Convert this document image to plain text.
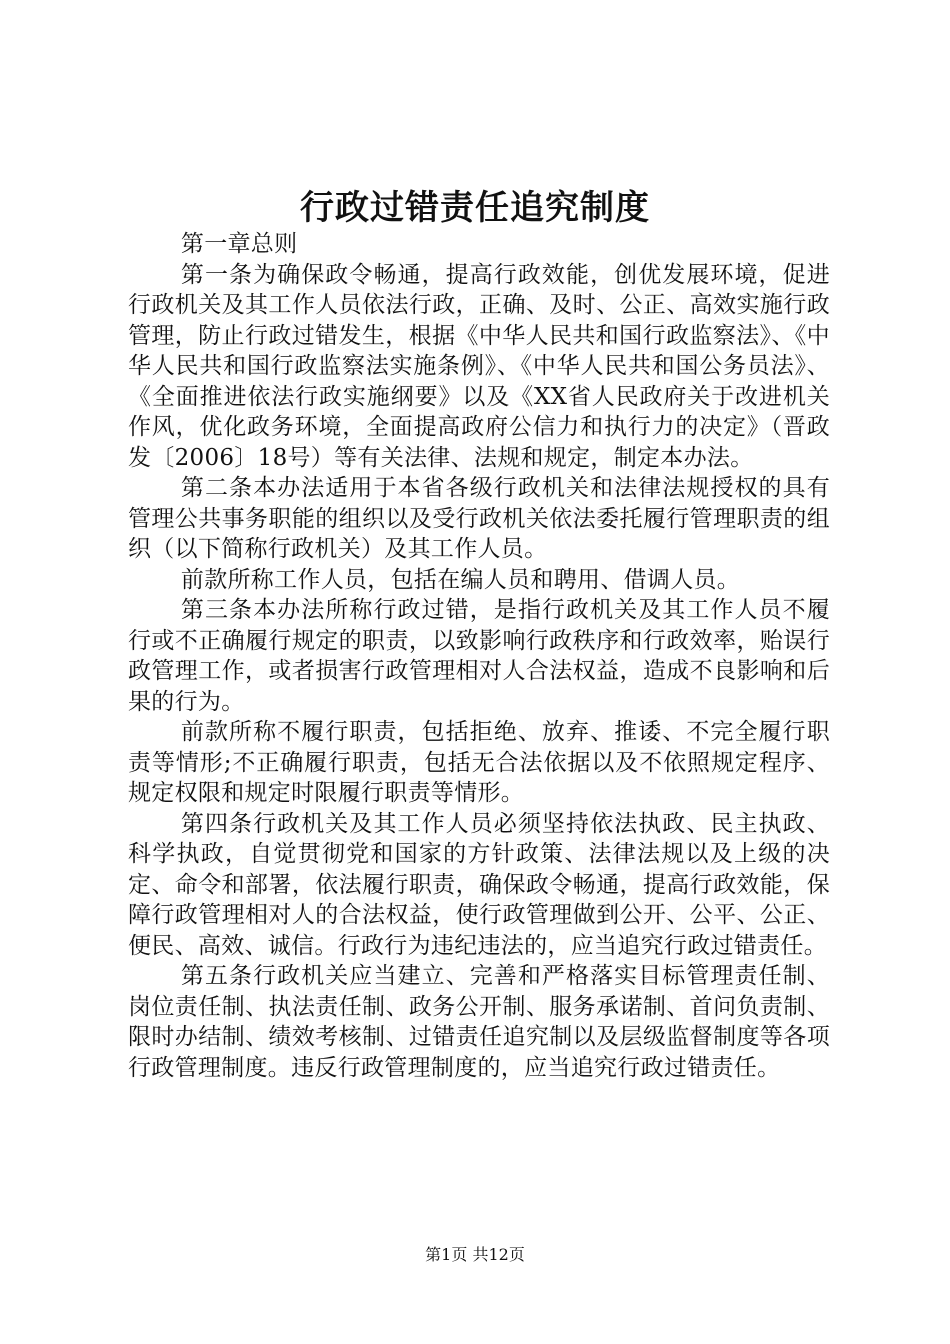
行政过错责任追究制度

第一章总则

第一条为确保政令畅通，提高行政效能，创优发展环境，促进行政机关及其工作人员依法行政，正确、及时、公正、高效实施行政管理，防止行政过错发生，根据《中华人民共和国行政监察法》、《中华人民共和国行政监察法实施条例》、《中华人民共和国公务员法》、《全面推进依法行政实施纲要》以及《XX省人民政府关于改进机关作风，优化政务环境，全面提高政府公信力和执行力的决定》（晋政发〔2006〕18号）等有关法律、法规和规定，制定本办法。

第二条本办法适用于本省各级行政机关和法律法规授权的具有管理公共事务职能的组织以及受行政机关依法委托履行管理职责的组织（以下简称行政机关）及其工作人员。

前款所称工作人员，包括在编人员和聘用、借调人员。

第三条本办法所称行政过错，是指行政机关及其工作人员不履行或不正确履行规定的职责，以致影响行政秩序和行政效率，贻误行政管理工作，或者损害行政管理相对人合法权益，造成不良影响和后果的行为。

前款所称不履行职责，包括拒绝、放弃、推诿、不完全履行职责等情形;不正确履行职责，包括无合法依据以及不依照规定程序、规定权限和规定时限履行职责等情形。

第四条行政机关及其工作人员必须坚持依法执政、民主执政、科学执政，自觉贯彻党和国家的方针政策、法律法规以及上级的决定、命令和部署，依法履行职责，确保政令畅通，提高行政效能，保障行政管理相对人的合法权益，使行政管理做到公开、公平、公正、便民、高效、诚信。行政行为违纪违法的，应当追究行政过错责任。

第五条行政机关应当建立、完善和严格落实目标管理责任制、岗位责任制、执法责任制、政务公开制、服务承诺制、首问负责制、限时办结制、绩效考核制、过错责任追究制以及层级监督制度等各项行政管理制度。违反行政管理制度的，应当追究行政过错责任。

第1页 共12页
